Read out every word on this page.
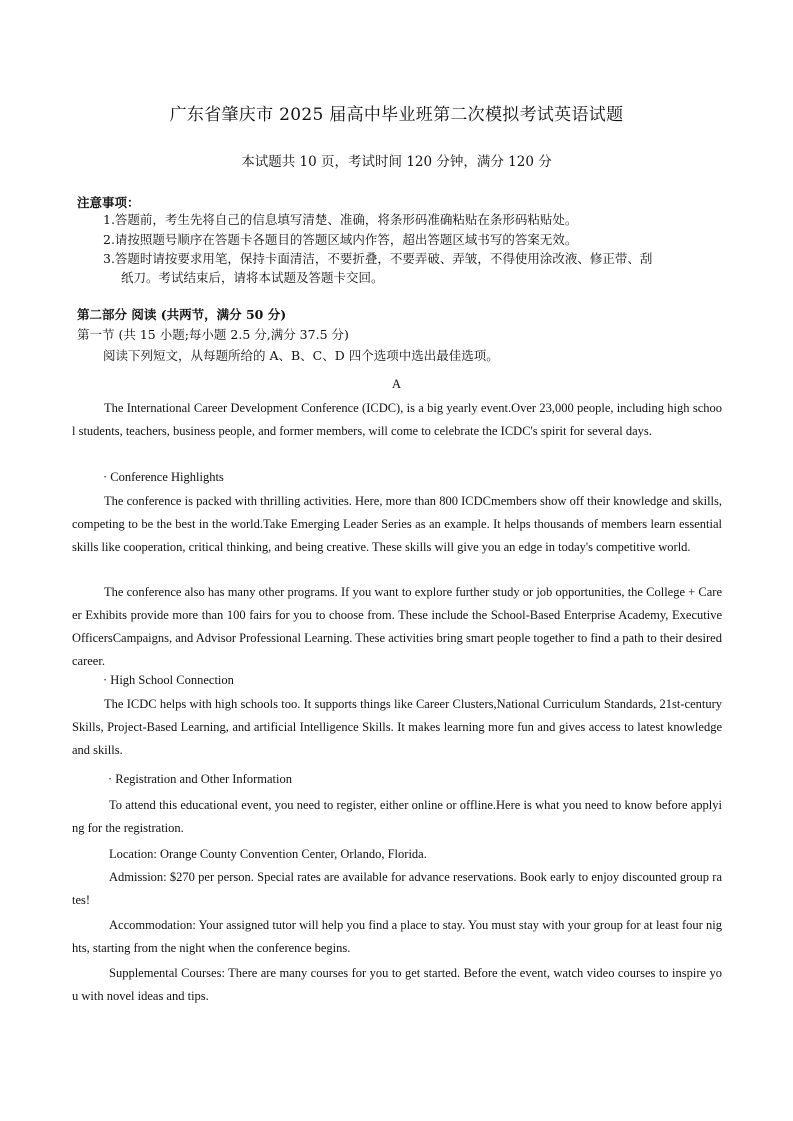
广东省肇庆市 2025 届高中毕业班第二次模拟考试英语试题
本试题共 10 页，考试时间 120 分钟，满分 120 分
注意事项：
1.答题前，考生先将自己的信息填写清楚、准确，将条形码准确粘贴在条形码粘贴处。
2.请按照题号顺序在答题卡各题目的答题区域内作答，超出答题区域书写的答案无效。
3.答题时请按要求用笔，保持卡面清洁，不要折叠，不要弄破、弄皱，不得使用涂改液、修正带、刮
纸刀。考试结束后，请将本试题及答题卡交回。
第二部分 阅读 (共两节，满分 50 分)
第一节 (共 15 小题;每小题 2.5 分,满分 37.5 分)
阅读下列短文，从每题所给的 A、B、C、D 四个选项中选出最佳选项。
A
The International Career Development Conference (ICDC), is a big yearly event.Over 23,000 people, including high school students, teachers, business people, and former members, will come to celebrate the ICDC's spirit for several days.
· Conference Highlights
The conference is packed with thrilling activities. Here, more than 800 ICDCmembers show off their knowledge and skills, competing to be the best in the world.Take Emerging Leader Series as an example. It helps thousands of members learn essential skills like cooperation, critical thinking, and being creative. These skills will give you an edge in today's competitive world.
The conference also has many other programs. If you want to explore further study or job opportunities, the College + Career Exhibits provide more than 100 fairs for you to choose from. These include the School-Based Enterprise Academy, Executive OfficersCampaigns, and Advisor Professional Learning. These activities bring smart people together to find a path to their desired career.
· High School Connection
The ICDC helps with high schools too. It supports things like Career Clusters,National Curriculum Standards, 21st-century Skills, Project-Based Learning, and artificial Intelligence Skills. It makes learning more fun and gives access to latest knowledge and skills.
· Registration and Other Information
To attend this educational event, you need to register, either online or offline.Here is what you need to know before applying for the registration.
Location: Orange County Convention Center, Orlando, Florida.
Admission: $270 per person. Special rates are available for advance reservations. Book early to enjoy discounted group rates!
Accommodation: Your assigned tutor will help you find a place to stay. You must stay with your group for at least four nights, starting from the night when the conference begins.
Supplemental Courses: There are many courses for you to get started. Before the event, watch video courses to inspire you with novel ideas and tips.
